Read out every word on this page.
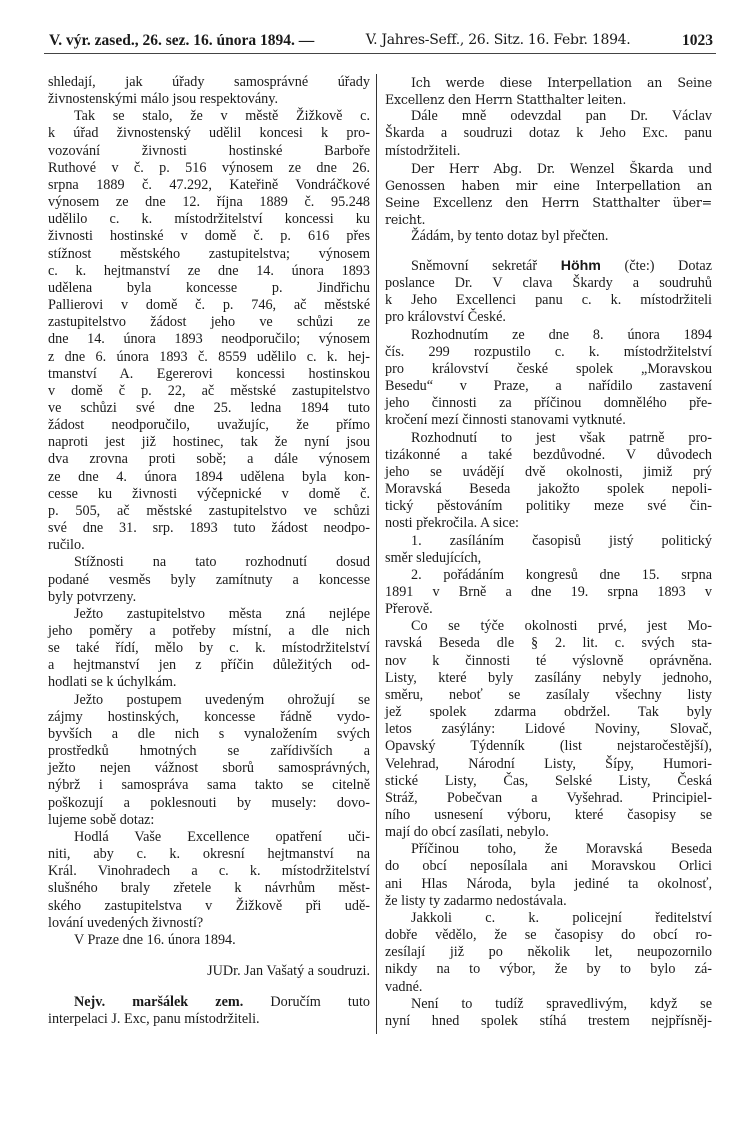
V. výr. zased., 26. sez. 16. února 1894. —	V. Jahres-Seff., 26. Sitz. 16. Febr. 1894.	1023
shledají, jak úřady samosprávné úřady
živnostenskými málo jsou respektovány.
Tak se stalo, že v městě Žižkově c.
k úřad živnostenský udělil koncesi k pro-
vozování živnosti hostinské Barboře
Ruthové v č. p. 516 výnosem ze dne 26.
srpna 1889 č. 47.292, Kateřině Vondráčkové
výnosem ze dne 12. října 1889 č. 95.248
udělilo c. k. místodržitelství koncessi ku
živnosti hostinské v domě č. p. 616 přes
stížnost městského zastupitelstva; výnosem
c. k. hejtmanství ze dne 14. února 1893
udělena byla koncesse p. Jindřichu
Pallierovi v domě č. p. 746, ač městské
zastupitelstvo žádost jeho ve schůzi ze
dne 14. února 1893 neodporučilo; výnosem
z dne 6. února 1893 č. 8559 udělilo c. k. hej-
tmanství A. Egererovi koncessi hostinskou
v domě č p. 22, ač městské zastupitelstvo
ve schůzi své dne 25. ledna 1894 tuto
žádost neodporučilo, uvažujíc, že přímo
naproti jest již hostinec, tak že nyní jsou
dva zrovna proti sobě; a dále výnosem
ze dne 4. února 1894 udělena byla kon-
cesse ku živnosti výčepnické v domě č.
p. 505, ač městské zastupitelstvo ve schůzi
své dne 31. srp. 1893 tuto žádost neodpo-
ručilo.
Stížnosti na tato rozhodnutí dosud
podané vesměs byly zamítnuty a koncesse
byly potvrzeny.
Ježto zastupitelstvo města zná nejlépe
jeho poměry a potřeby místní, a dle nich
se také řídí, mělo by c. k. místodržitelství
a hejtmanství jen z příčin důležitých od-
hodlati se k úchylkám.
Ježto postupem uvedeným ohrožují se
zájmy hostinských, koncesse řádně vydo-
byvších a dle nich s vynaložením svých
prostředků hmotných se zařídivších a
ježto nejen vážnost sborů samosprávných,
nýbrž i samospráva sama takto se citelně
poškozují a poklesnouti by musely: dovo-
lujeme sobě dotaz:
Hodlá Vaše Excellence opatření uči-
niti, aby c. k. okresní hejtmanství na
Král. Vinohradech a c. k. místodržitelství
slušného braly zřetele k návrhům měst-
ského zastupitelstva v Žižkově při udě-
lování uvedených živností?
V Praze dne 16. února 1894.
JUDr. Jan Vašatý a soudruzi.
Nejv. maršálek zem. Doručím tuto
interpelaci J. Exc, panu místodržiteli.
Ich werde diese Interpellation an Seine
Excellenz den Herrn Statthalter leiten.
Dále mně odevzdal pan Dr. Václav
Škarda a soudruzi dotaz k Jeho Exc. panu
místodržiteli.
Der Herr Abg. Dr. Wenzel Škarda und
Genossen haben mir eine Interpellation an
Seine Excellenz den Herrn Statthalter über=
reicht.
Žádám, by tento dotaz byl přečten.
Sněmovní sekretář Höhm (čte:) Dotaz
poslance Dr. V clava Škardy a soudruhů
k Jeho Excellenci panu c. k. místodržiteli
pro království České.
Rozhodnutím ze dne 8. února 1894
čís. 299 rozpustilo c. k. místodržitelství
pro království české spolek „Moravskou
Besedu“ v Praze, a nařídilo zastavení
jeho činnosti za příčinou domnělého pře-
kročení mezí činnosti stanovami vytknuté.
Rozhodnutí to jest však patrně pro-
tizákonné a také bezdůvodné. V důvodech
jeho se uvádějí dvě okolnosti, jimiž prý
Moravská Beseda jakožto spolek nepoli-
tický pěstováním politiky meze své čin-
nosti překročila. A sice:
1. zasíláním časopisů jistý politický
směr sledujících,
2. pořádáním kongresů dne 15. srpna
1891 v Brně a dne 19. srpna 1893 v
Přerově.
Co se týče okolnosti prvé, jest Mo-
ravská Beseda dle § 2. lit. c. svých sta-
nov k činnosti té výslovně oprávněna.
Listy, které byly zasílány nebyly jednoho,
směru, neboť se zasílaly všechny listy
jež spolek zdarma obdržel. Tak byly
letos zasýlány: Lidové Noviny, Slovač,
Opavský Týdenník (list nejstaročestější),
Velehrad, Národní Listy, Šípy, Humori-
stické Listy, Čas, Selské Listy, Česká
Stráž, Pobečvan a Vyšehrad. Principiel-
ního usnesení výboru, které časopisy se
mají do obcí zasílati, nebylo.
Příčinou toho, že Moravská Beseda
do obcí neposílala ani Moravskou Orlici
ani Hlas Národa, byla jediné ta okolnosť,
že listy ty zadarmo nedostávala.
Jakkoli c. k. policejní ředitelství
dobře vědělo, že se časopisy do obcí ro-
zesílají již po několik let, neupozornilo
nikdy na to výbor, že by to bylo zá-
vadné.
Není to tudíž spravedlivým, když se
nyní hned spolek stíhá trestem nejpřísněj-
